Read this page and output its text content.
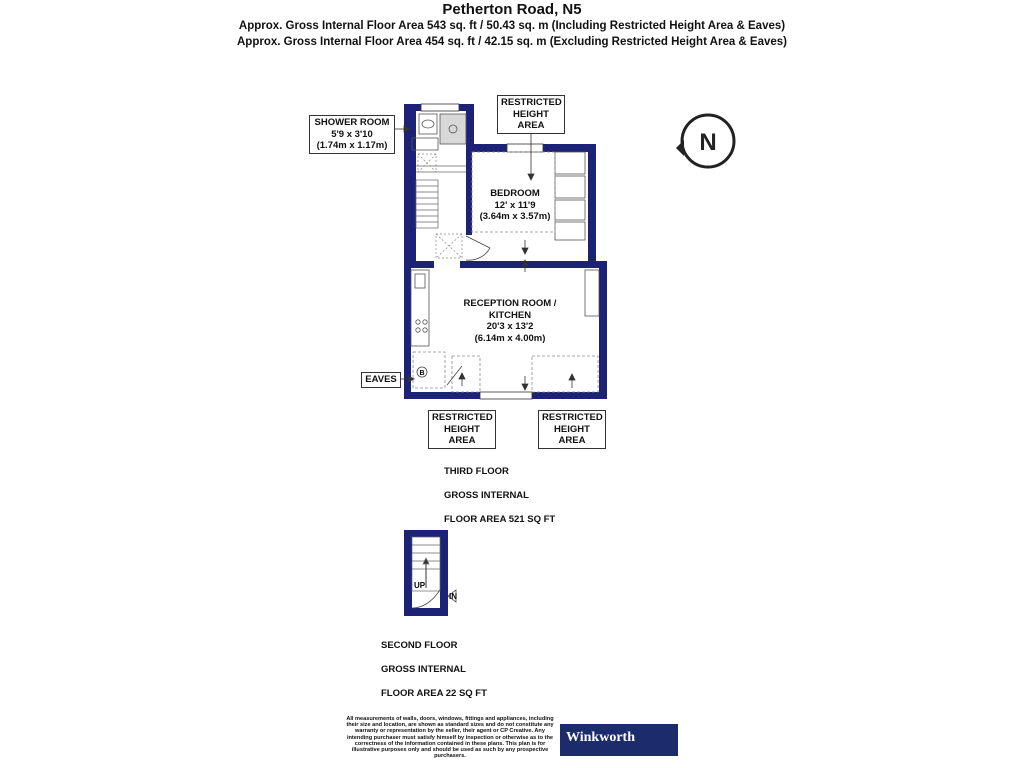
Petherton Road, N5
Approx. Gross Internal Floor Area 543 sq. ft / 50.43 sq. m (Including Restricted Height Area & Eaves)
Approx. Gross Internal Floor Area 454 sq. ft / 42.15 sq. m (Excluding Restricted Height Area & Eaves)
B
UP
IN
N
SHOWER ROOM
5'9 x 3'10
(1.74m x 1.17m)
RESTRICTED
HEIGHT
AREA
BEDROOM
12' x 11'9
(3.64m x 3.57m)
RECEPTION ROOM /
KITCHEN
20'3 x 13'2
(6.14m x 4.00m)
EAVES
RESTRICTED
HEIGHT
AREA
RESTRICTED
HEIGHT
AREA

THIRD FLOOR

GROSS INTERNAL

FLOOR AREA 521 SQ FT

SECOND FLOOR

GROSS INTERNAL

FLOOR AREA 22 SQ FT

All measurements of walls, doors, windows, fittings and appliances, including their size and location, are shown as standard sizes and do not constitute any warranty or representation by the seller, their agent or CP Creative. Any intending purchaser must satisfy himself by inspection or otherwise as to the correctness of the information contained in these plans. This plan is for illustrative purposes only and should be used as such by any prospective purchasers.
Winkworth
